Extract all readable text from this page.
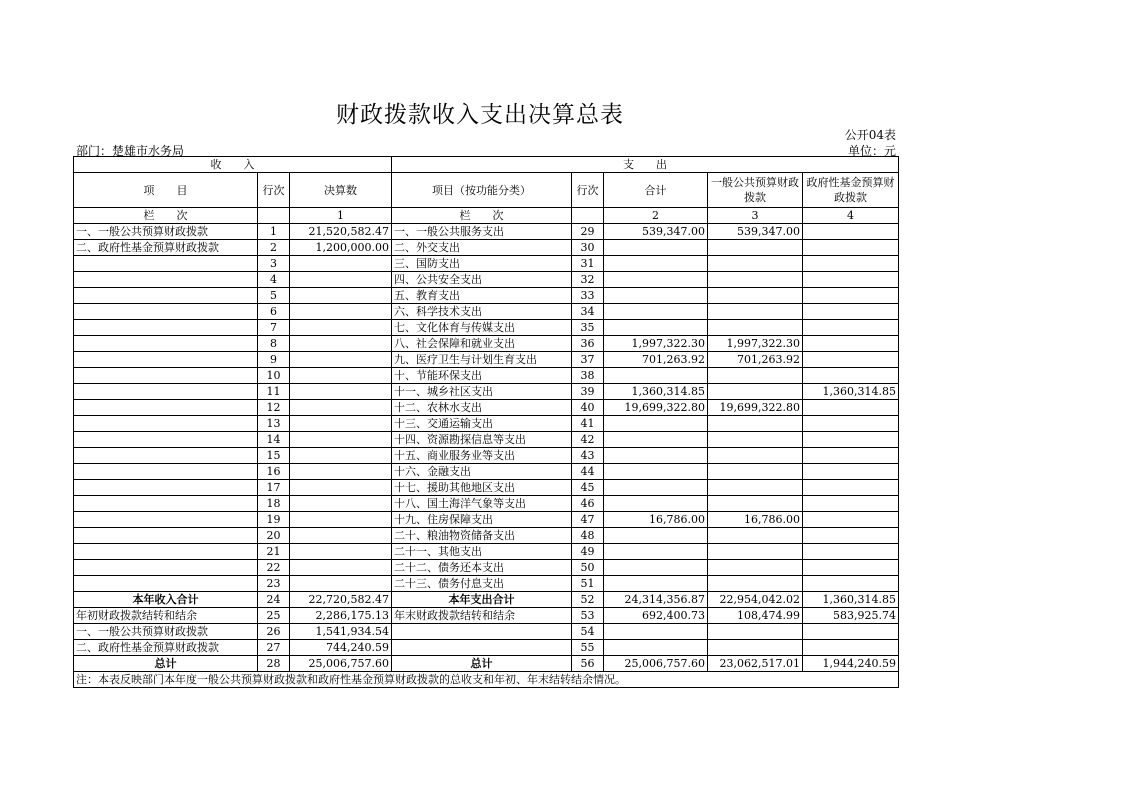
财政拨款收入支出决算总表
公开04表
部门：楚雄市水务局	单位：元
收　　入			支　　出				
项　　目	行次	决算数	项目（按功能分类）	行次	合计	一般公共预算财政拨款	政府性基金预算财政拨款
栏　　次		1	栏　　次		2	3	4
一、一般公共预算财政拨款	1	21,520,582.47	一、一般公共服务支出	29	539,347.00	539,347.00	
二、政府性基金预算财政拨款	2	1,200,000.00	二、外交支出	30			
	3		三、国防支出	31			
	4		四、公共安全支出	32			
	5		五、教育支出	33			
	6		六、科学技术支出	34			
	7		七、文化体育与传媒支出	35			
	8		八、社会保障和就业支出	36	1,997,322.30	1,997,322.30	
	9		九、医疗卫生与计划生育支出	37	701,263.92	701,263.92	
	10		十、节能环保支出	38			
	11		十一、城乡社区支出	39	1,360,314.85		1,360,314.85
	12		十二、农林水支出	40	19,699,322.80	19,699,322.80	
	13		十三、交通运输支出	41			
	14		十四、资源勘探信息等支出	42			
	15		十五、商业服务业等支出	43			
	16		十六、金融支出	44			
	17		十七、援助其他地区支出	45			
	18		十八、国土海洋气象等支出	46			
	19		十九、住房保障支出	47	16,786.00	16,786.00	
	20		二十、粮油物资储备支出	48			
	21		二十一、其他支出	49			
	22		二十二、债务还本支出	50			
	23		二十三、债务付息支出	51			
本年收入合计	24	22,720,582.47	本年支出合计	52	24,314,356.87	22,954,042.02	1,360,314.85
年初财政拨款结转和结余	25	2,286,175.13	年末财政拨款结转和结余	53	692,400.73	108,474.99	583,925.74
一、一般公共预算财政拨款	26	1,541,934.54		54			
二、政府性基金预算财政拨款	27	744,240.59		55			
总计	28	25,006,757.60	总计	56	25,006,757.60	23,062,517.01	1,944,240.59
注：本表反映部门本年度一般公共预算财政拨款和政府性基金预算财政拨款的总收支和年初、年末结转结余情况。							
